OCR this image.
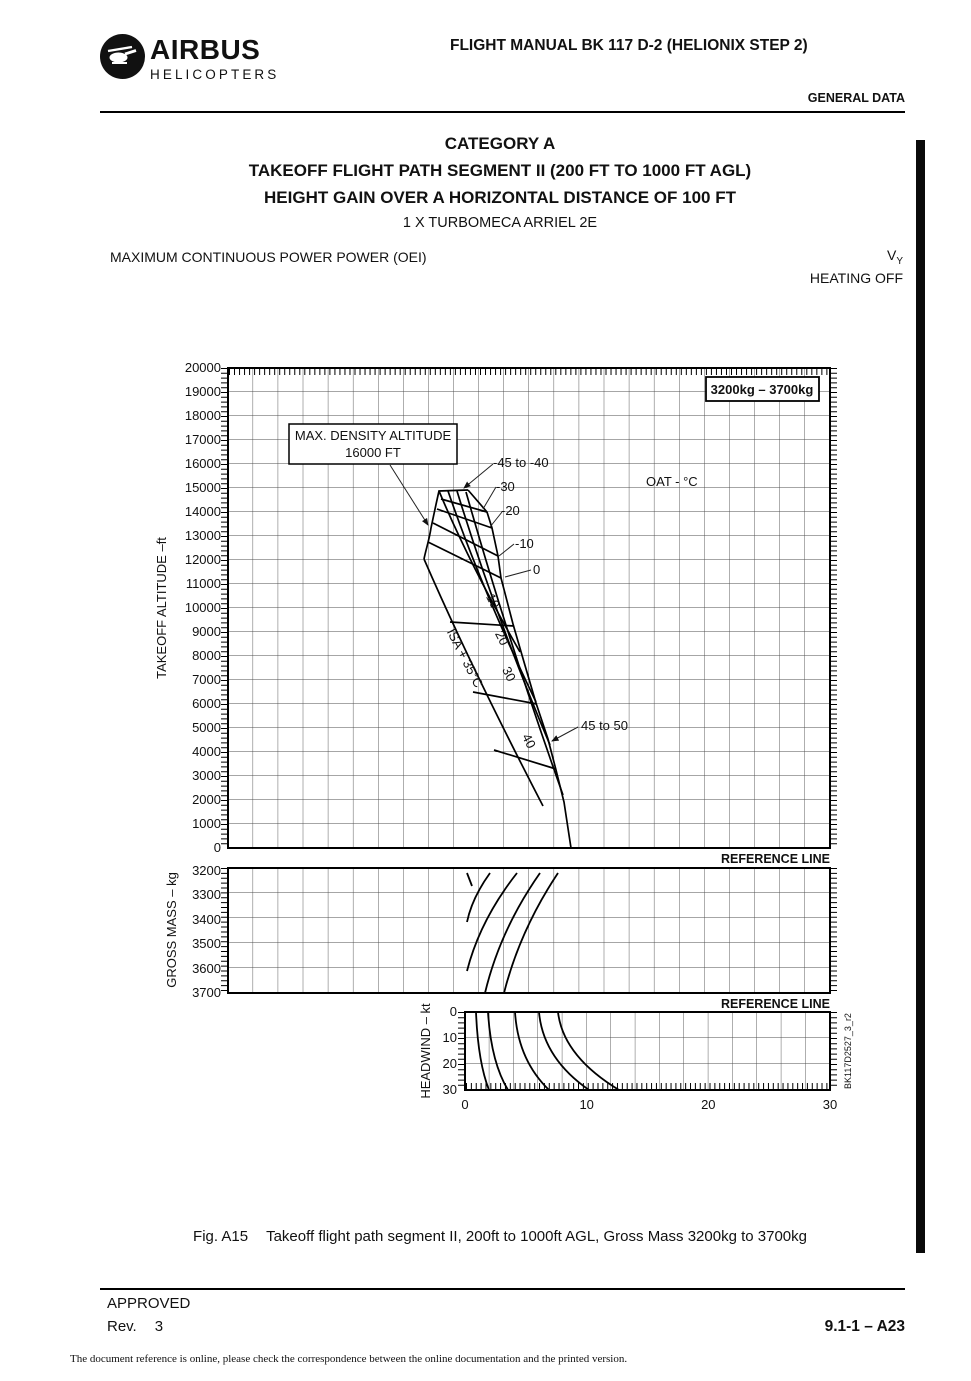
AIRBUS
HELICOPTERS
FLIGHT MANUAL BK 117 D-2 (HELIONIX STEP 2)
GENERAL DATA
CATEGORY A
TAKEOFF FLIGHT PATH SEGMENT II (200 FT TO 1000 FT AGL)
HEIGHT GAIN OVER A HORIZONTAL DISTANCE OF 100 FT
1 X TURBOMECA ARRIEL 2E
MAXIMUM CONTINUOUS POWER POWER (OEI)	$V_Y$
HEATING OFF
20000
19000
18000
17000
16000
15000
14000
13000
12000
11000
10000
9000
8000
7000
6000
5000
4000
3000
2000
1000
0
TAKEOFF ALTITUDE –ft
-45 to -40
-30
-20
-10
0
10
20
30
40
45 to 50
ISA + 35°C
OAT - °C
MAX. DENSITY ALTITUDE
16000 FT
3200kg – 3700kg
REFERENCE LINE
3200
3300
3400
3500
3600
3700
GROSS MASS – kg
REFERENCE LINE
0
10
20
30
HEADWIND – kt
0	10	20	30
BK117D2527_3_r2
Fig. A15 Takeoff flight path segment II, 200ft to 1000ft AGL, Gross Mass 3200kg to 3700kg
APPROVED
Rev. 3	9.1-1 – A23
The document reference is online, please check the correspondence between the online documentation and the printed version.
